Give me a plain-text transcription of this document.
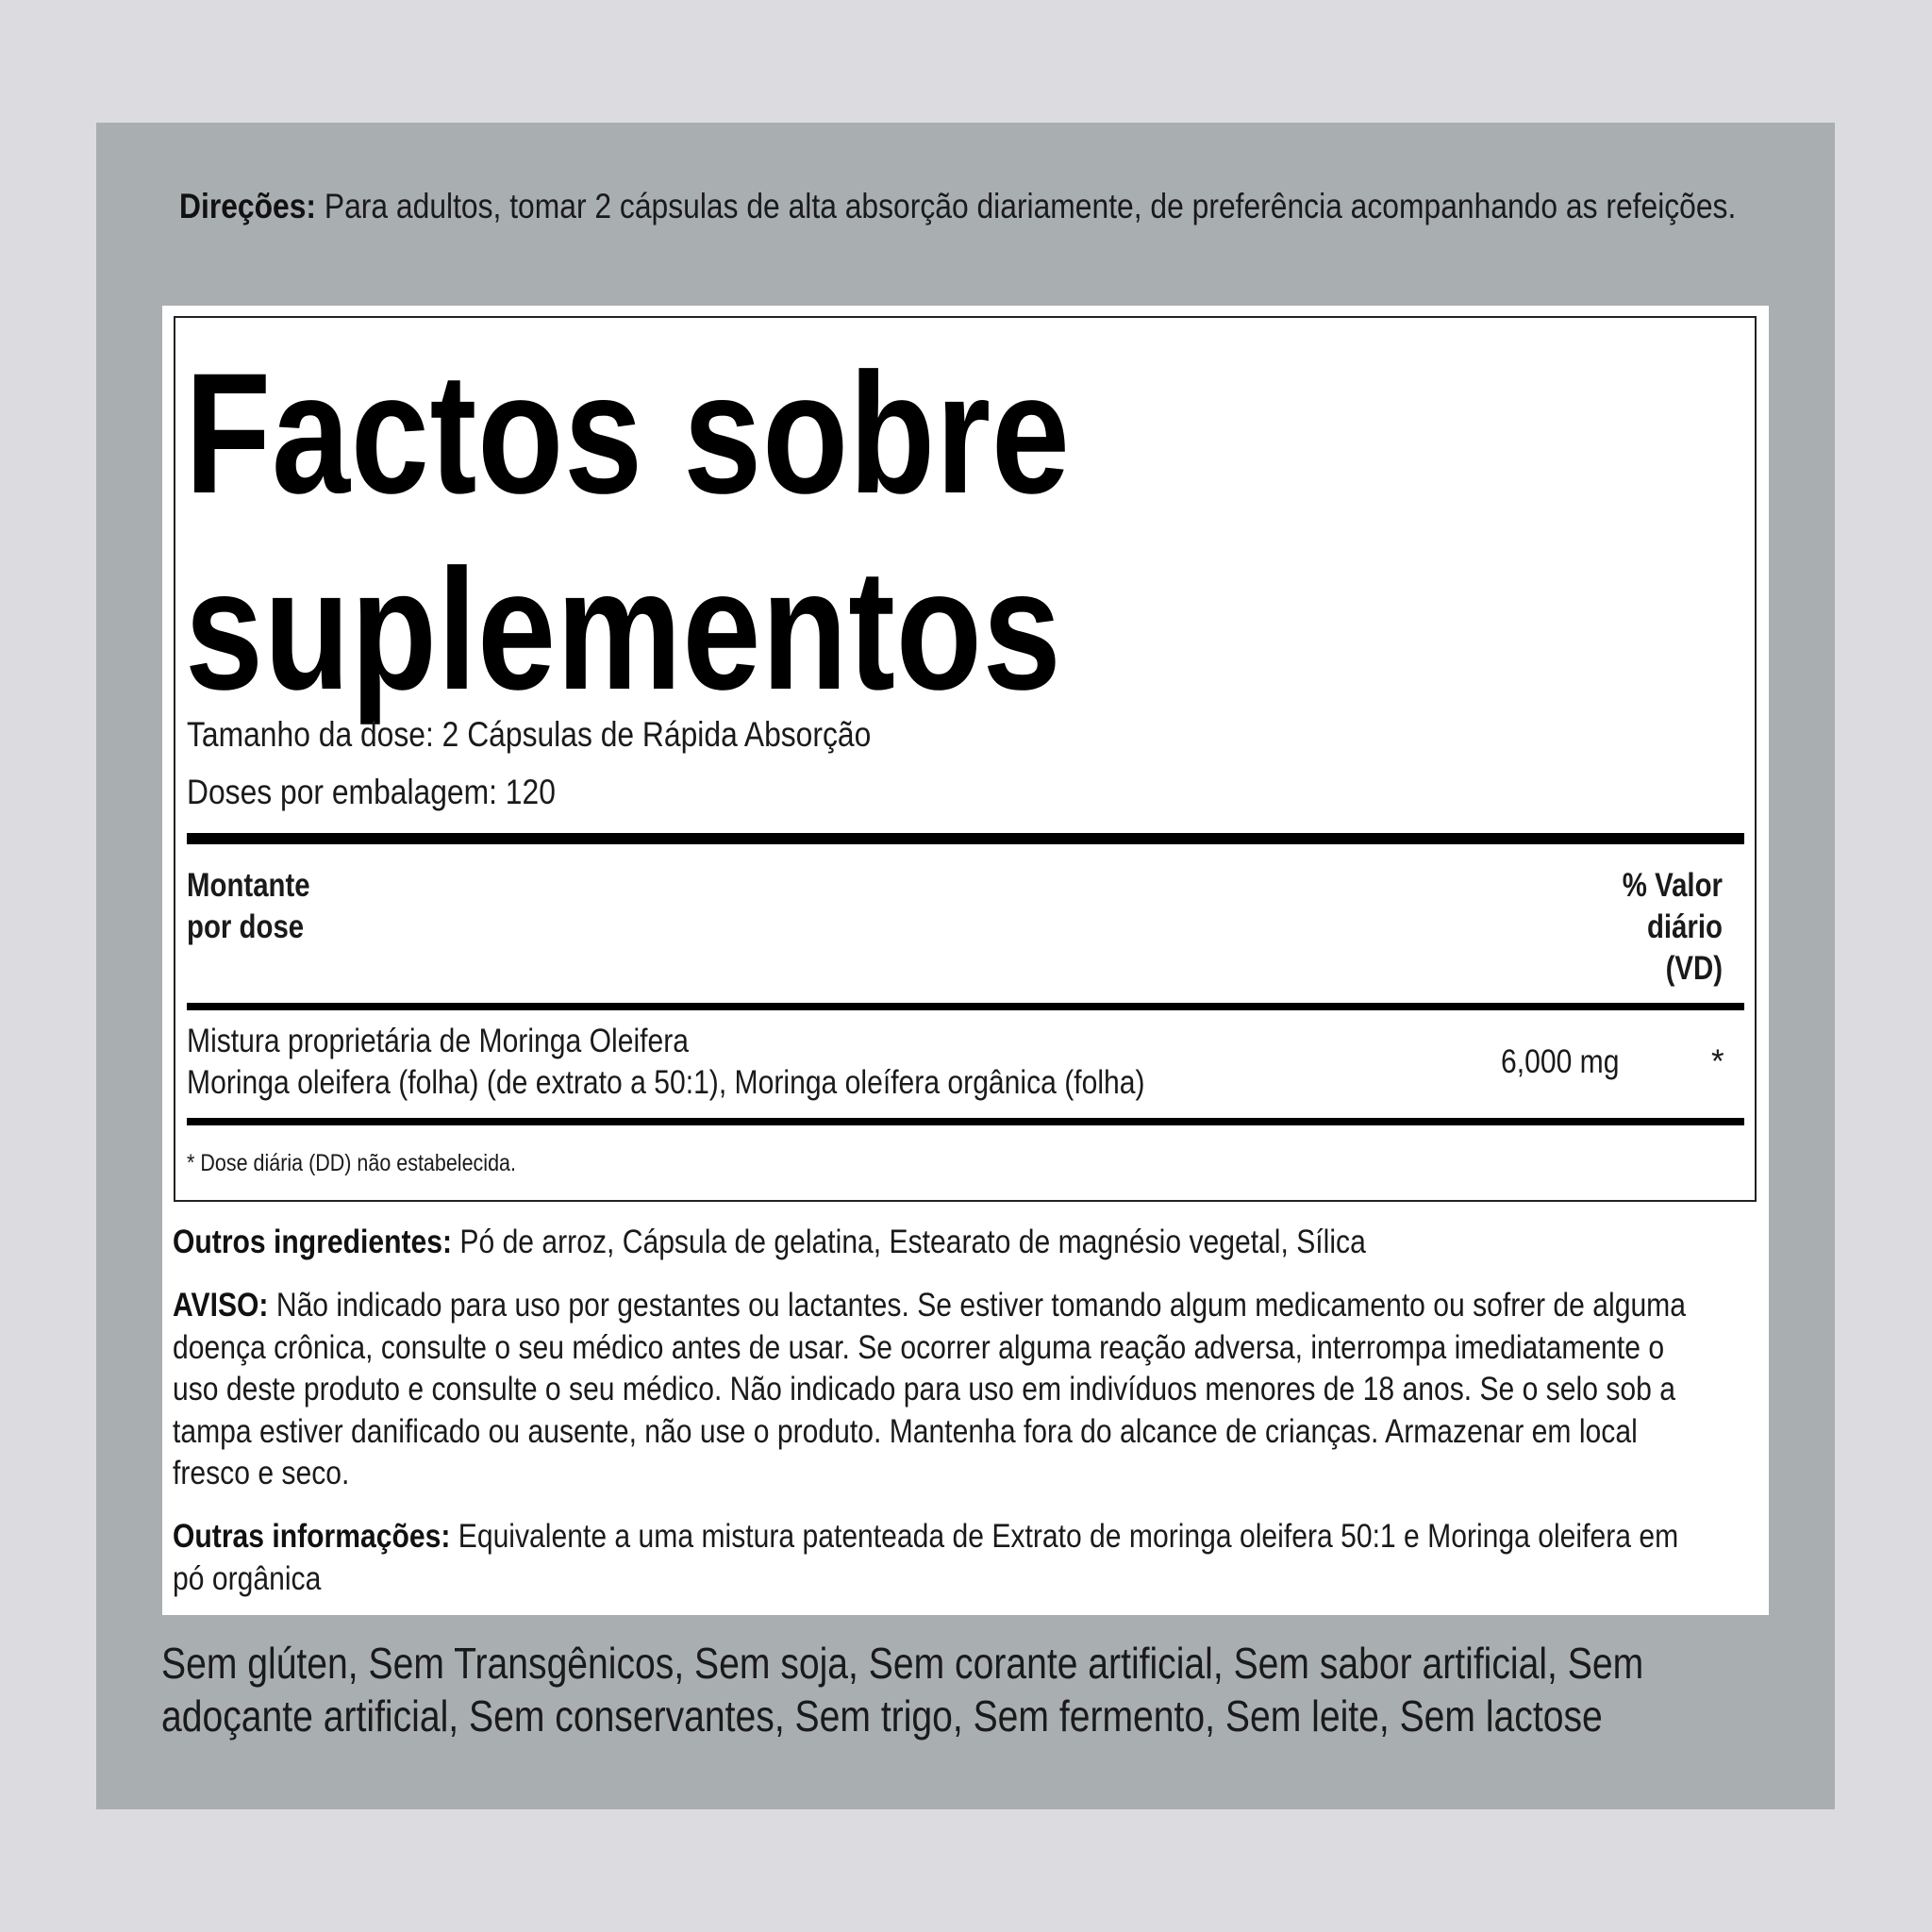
Direções: Para adultos, tomar 2 cápsulas de alta absorção diariamente, de preferência acompanhando as refeições.
Factos sobre
suplementos
Tamanho da dose: 2 Cápsulas de Rápida Absorção
Doses por embalagem: 120
Montante
por dose
% Valor
diário
(VD)
Mistura proprietária de Moringa Oleifera
Moringa oleifera (folha) (de extrato a 50:1), Moringa oleífera orgânica (folha)
6,000 mg	*
* Dose diária (DD) não estabelecida.
Outros ingredientes: Pó de arroz, Cápsula de gelatina, Estearato de magnésio vegetal, Sílica
AVISO: Não indicado para uso por gestantes ou lactantes. Se estiver tomando algum medicamento ou sofrer de alguma doença crônica, consulte o seu médico antes de usar. Se ocorrer alguma reação adversa, interrompa imediatamente o uso deste produto e consulte o seu médico. Não indicado para uso em indivíduos menores de 18 anos. Se o selo sob a tampa estiver danificado ou ausente, não use o produto. Mantenha fora do alcance de crianças. Armazenar em local fresco e seco.
Outras informações: Equivalente a uma mistura patenteada de Extrato de moringa oleifera 50:1 e Moringa oleifera em pó orgânica
Sem glúten, Sem Transgênicos, Sem soja, Sem corante artificial, Sem sabor artificial, Sem adoçante artificial, Sem conservantes, Sem trigo, Sem fermento, Sem leite, Sem lactose
